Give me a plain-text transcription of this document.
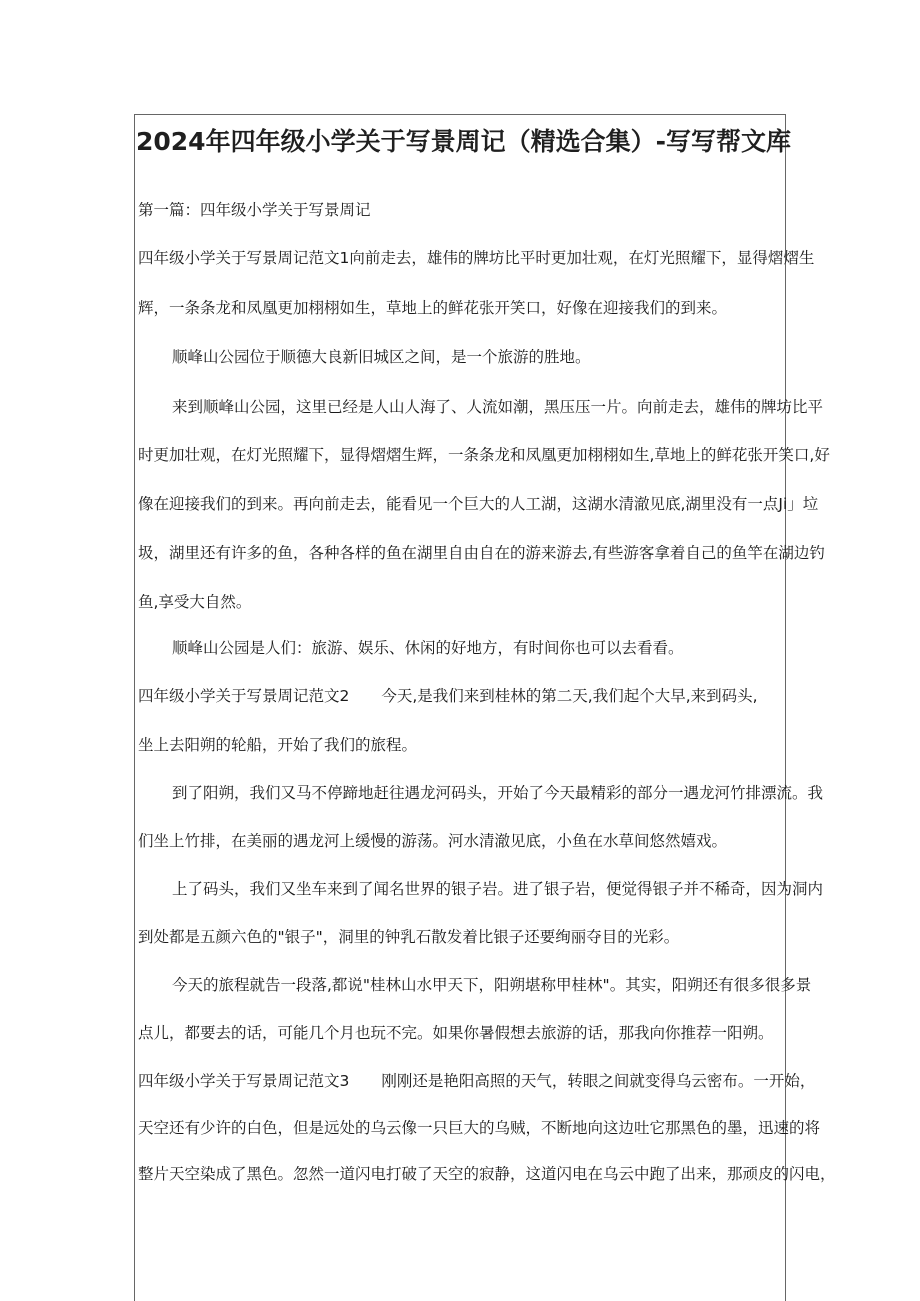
2024年四年级小学关于写景周记（精选合集）-写写帮文库

第一篇：四年级小学关于写景周记

四年级小学关于写景周记范文1向前走去，雄伟的牌坊比平时更加壮观，在灯光照耀下，显得熠熠生

辉，一条条龙和凤凰更加栩栩如生，草地上的鲜花张开笑口，好像在迎接我们的到来。

顺峰山公园位于顺德大良新旧城区之间，是一个旅游的胜地。

来到顺峰山公园，这里已经是人山人海了、人流如潮，黑压压一片。向前走去，雄伟的牌坊比平

时更加壮观，在灯光照耀下，显得熠熠生辉，一条条龙和凤凰更加栩栩如生,草地上的鲜花张开笑口,好

像在迎接我们的到来。再向前走去，能看见一个巨大的人工湖，这湖水清澈见底,湖里没有一点Ji」垃

圾，湖里还有许多的鱼，各种各样的鱼在湖里自由自在的游来游去,有些游客拿着自己的鱼竿在湖边钓

鱼,享受大自然。

顺峰山公园是人们：旅游、娱乐、休闲的好地方，有时间你也可以去看看。

四年级小学关于写景周记范文2 今天,是我们来到桂林的第二天,我们起个大早,来到码头,

坐上去阳朔的轮船，开始了我们的旅程。

到了阳朔，我们又马不停蹄地赶往遇龙河码头，开始了今天最精彩的部分一遇龙河竹排漂流。我

们坐上竹排，在美丽的遇龙河上缓慢的游荡。河水清澈见底，小鱼在水草间悠然嬉戏。

上了码头，我们又坐车来到了闻名世界的银子岩。进了银子岩，便觉得银子并不稀奇，因为洞内

到处都是五颜六色的"银子"，洞里的钟乳石散发着比银子还要绚丽夺目的光彩。

今天的旅程就告一段落,都说"桂林山水甲天下，阳朔堪称甲桂林"。其实，阳朔还有很多很多景

点儿，都要去的话，可能几个月也玩不完。如果你暑假想去旅游的话，那我向你推荐一阳朔。

四年级小学关于写景周记范文3 刚刚还是艳阳高照的天气，转眼之间就变得乌云密布。一开始，

天空还有少许的白色，但是远处的乌云像一只巨大的乌贼，不断地向这边吐它那黑色的墨，迅速的将

整片天空染成了黑色。忽然一道闪电打破了天空的寂静，这道闪电在乌云中跑了出来，那顽皮的闪电，
